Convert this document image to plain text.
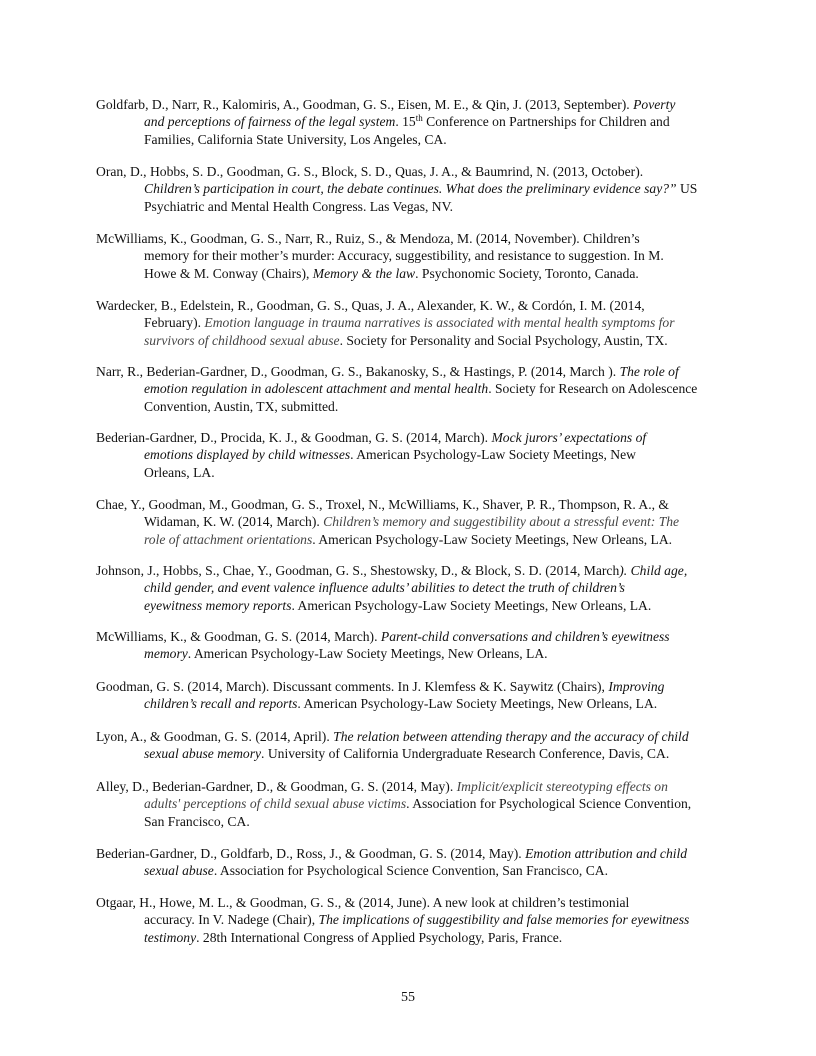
Goldfarb, D., Narr, R., Kalomiris, A., Goodman, G. S., Eisen, M. E., & Qin, J. (2013, September). Poverty
and perceptions of fairness of the legal system. 15th Conference on Partnerships for Children and
Families, California State University, Los Angeles, CA.
Oran, D., Hobbs, S. D., Goodman, G. S., Block, S. D., Quas, J. A., & Baumrind, N. (2013, October).
Children’s participation in court, the debate continues. What does the preliminary evidence say?” US
Psychiatric and Mental Health Congress. Las Vegas, NV.
McWilliams, K., Goodman, G. S., Narr, R., Ruiz, S., & Mendoza, M. (2014, November). Children’s
memory for their mother’s murder: Accuracy, suggestibility, and resistance to suggestion. In M.
Howe & M. Conway (Chairs), Memory & the law. Psychonomic Society, Toronto, Canada.
Wardecker, B., Edelstein, R., Goodman, G. S., Quas, J. A., Alexander, K. W., & Cordón, I. M. (2014,
February). Emotion language in trauma narratives is associated with mental health symptoms for
survivors of childhood sexual abuse. Society for Personality and Social Psychology, Austin, TX.
Narr, R., Bederian-Gardner, D., Goodman, G. S., Bakanosky, S., & Hastings, P. (2014, March ). The role of
emotion regulation in adolescent attachment and mental health. Society for Research on Adolescence
Convention, Austin, TX, submitted.
Bederian-Gardner, D., Procida, K. J., & Goodman, G. S. (2014, March). Mock jurors’ expectations of
emotions displayed by child witnesses. American Psychology-Law Society Meetings, New
Orleans, LA.
Chae, Y., Goodman, M., Goodman, G. S., Troxel, N., McWilliams, K., Shaver, P. R., Thompson, R. A., &
Widaman, K. W. (2014, March). Children’s memory and suggestibility about a stressful event: The
role of attachment orientations. American Psychology-Law Society Meetings, New Orleans, LA.
Johnson, J., Hobbs, S., Chae, Y., Goodman, G. S., Shestowsky, D., & Block, S. D. (2014, March). Child age,
child gender, and event valence influence adults’ abilities to detect the truth of children’s
eyewitness memory reports. American Psychology-Law Society Meetings, New Orleans, LA.
McWilliams, K., & Goodman, G. S. (2014, March). Parent-child conversations and children’s eyewitness
memory. American Psychology-Law Society Meetings, New Orleans, LA.
Goodman, G. S. (2014, March). Discussant comments. In J. Klemfess & K. Saywitz (Chairs), Improving
children’s recall and reports. American Psychology-Law Society Meetings, New Orleans, LA.
Lyon, A., & Goodman, G. S. (2014, April). The relation between attending therapy and the accuracy of child
sexual abuse memory. University of California Undergraduate Research Conference, Davis, CA.
Alley, D., Bederian-Gardner, D., & Goodman, G. S. (2014, May). Implicit/explicit stereotyping effects on
adults' perceptions of child sexual abuse victims. Association for Psychological Science Convention,
San Francisco, CA.
Bederian-Gardner, D., Goldfarb, D., Ross, J., & Goodman, G. S. (2014, May). Emotion attribution and child
sexual abuse. Association for Psychological Science Convention, San Francisco, CA.
Otgaar, H., Howe, M. L., & Goodman, G. S., & (2014, June). A new look at children’s testimonial
accuracy. In V. Nadege (Chair), The implications of suggestibility and false memories for eyewitness
testimony. 28th International Congress of Applied Psychology, Paris, France.
55
